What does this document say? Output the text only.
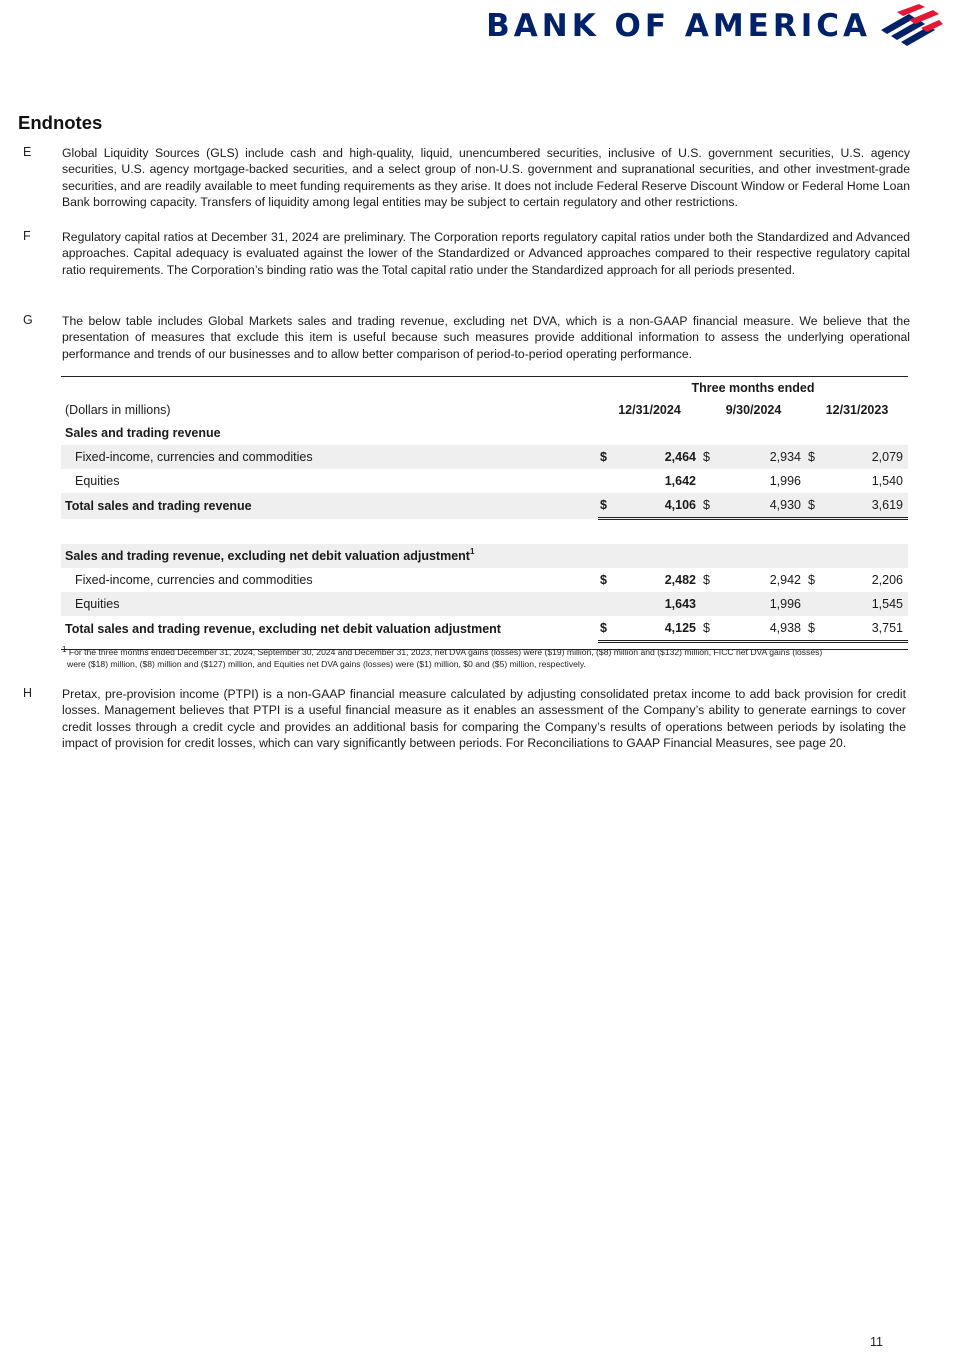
BANK OF AMERICA
Endnotes
E	Global Liquidity Sources (GLS) include cash and high-quality, liquid, unencumbered securities, inclusive of U.S. government securities, U.S. agency securities, U.S. agency mortgage-backed securities, and a select group of non-U.S. government and supranational securities, and other investment-grade securities, and are readily available to meet funding requirements as they arise. It does not include Federal Reserve Discount Window or Federal Home Loan Bank borrowing capacity. Transfers of liquidity among legal entities may be subject to certain regulatory and other restrictions.
F	Regulatory capital ratios at December 31, 2024 are preliminary. The Corporation reports regulatory capital ratios under both the Standardized and Advanced approaches. Capital adequacy is evaluated against the lower of the Standardized or Advanced approaches compared to their respective regulatory capital ratio requirements. The Corporation’s binding ratio was the Total capital ratio under the Standardized approach for all periods presented.
G The below table includes Global Markets sales and trading revenue, excluding net DVA, which is a non-GAAP financial measure. We believe that the presentation of measures that exclude this item is useful because such measures provide additional information to assess the underlying operational performance and trends of our businesses and to allow better comparison of period-to-period operating performance.

	Three months ended					
(Dollars in millions)	12/31/2024		9/30/2024		12/31/2023	
Sales and trading revenue						
Fixed-income, currencies and commodities	$	2,464	$	2,934	$	2,079
Equities		1,642		1,996		1,540
Total sales and trading revenue	$	4,106	$	4,930	$	3,619

Sales and trading revenue, excluding net debit valuation adjustment$^1$	
Fixed-income, currencies and commodities	$	2,482	$	2,942	$	2,206
Equities		1,643		1,996		1,545
Total sales and trading revenue, excluding net debit valuation adjustment	$	4,125	$	4,938	$	3,751

$^1$ For the three months ended December 31, 2024, September 30, 2024 and December 31, 2023, net DVA gains (losses) were ($19) million, ($8) million and ($132) million, FICC net DVA gains (losses)
were ($18) million, ($8) million and ($127) million, and Equities net DVA gains (losses) were ($1) million, $0 and ($5) million, respectively.
H Pretax, pre-provision income (PTPI) is a non-GAAP financial measure calculated by adjusting consolidated pretax income to add back provision for credit losses. Management believes that PTPI is a useful financial measure as it enables an assessment of the Company’s ability to generate earnings to cover credit losses through a credit cycle and provides an additional basis for comparing the Company’s results of operations between periods by isolating the impact of provision for credit losses, which can vary significantly between periods. For Reconciliations to GAAP Financial Measures, see page 20.
11
